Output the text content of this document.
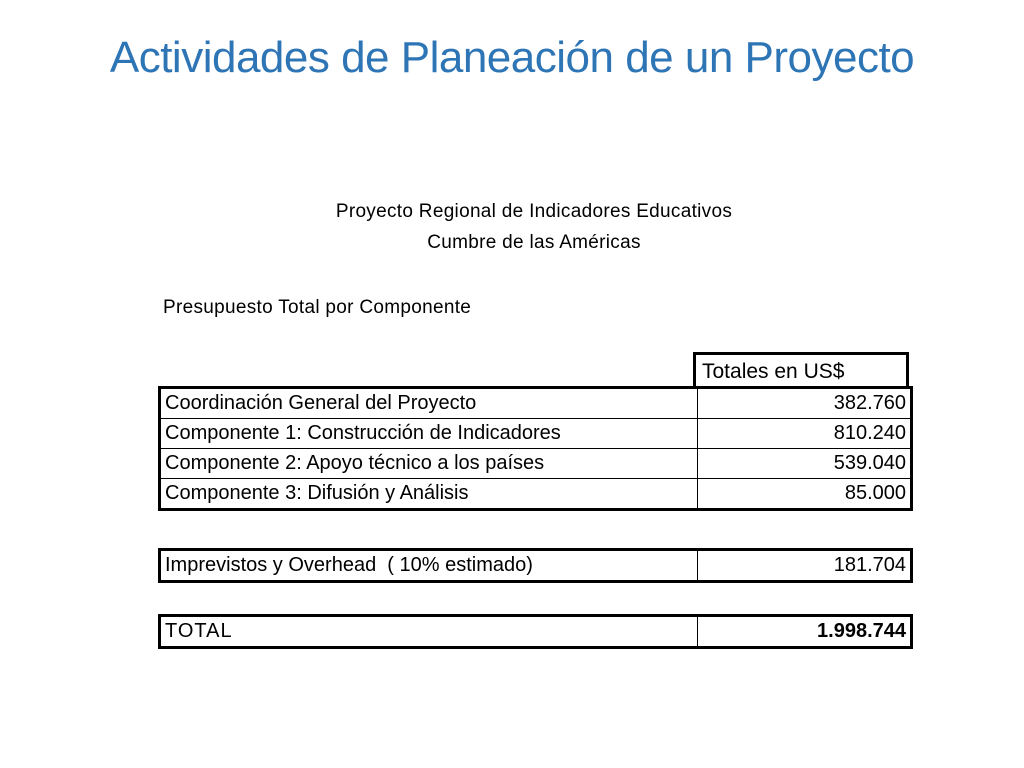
Actividades de Planeación de un Proyecto
Proyecto Regional de Indicadores Educativos
Cumbre de las Américas
Presupuesto Total por Componente
Totales en US$
Coordinación General del Proyecto	382.760
Componente 1: Construcción de Indicadores	810.240
Componente 2: Apoyo técnico a los países	539.040
Componente 3: Difusión y Análisis	85.000
Imprevistos y Overhead  ( 10% estimado)	181.704
TOTAL	1.998.744
